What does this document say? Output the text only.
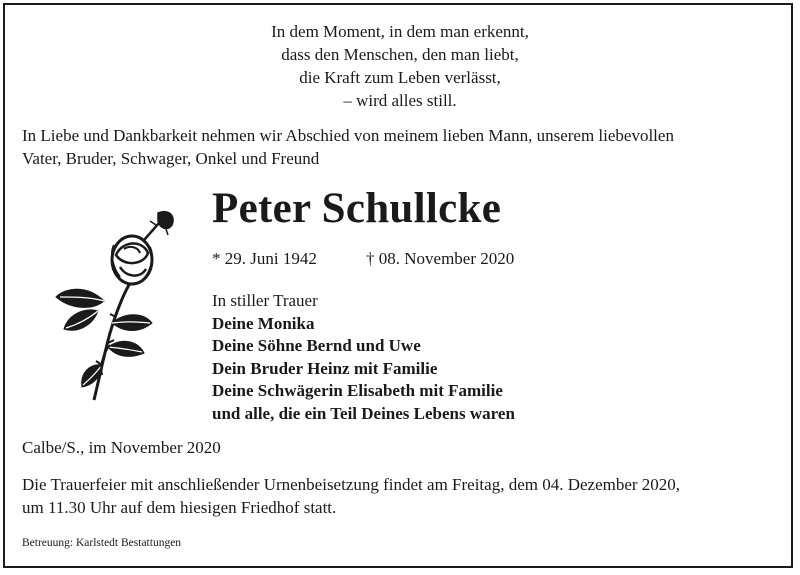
In dem Moment, in dem man erkennt,
dass den Menschen, den man liebt,
die Kraft zum Leben verlässt,
– wird alles still.
In Liebe und Dankbarkeit nehmen wir Abschied von meinem lieben Mann, unserem liebevollen
Vater, Bruder, Schwager, Onkel und Freund
Peter Schullcke
* 29. Juni 1942	† 08. November 2020
In stiller Trauer
Deine Monika
Deine Söhne Bernd und Uwe
Dein Bruder Heinz mit Familie
Deine Schwägerin Elisabeth mit Familie
und alle, die ein Teil Deines Lebens waren
Calbe/S., im November 2020
Die Trauerfeier mit anschließender Urnenbeisetzung findet am Freitag, dem 04. Dezember 2020,
um 11.30 Uhr auf dem hiesigen Friedhof statt.
Betreuung: Karlstedt Bestattungen
